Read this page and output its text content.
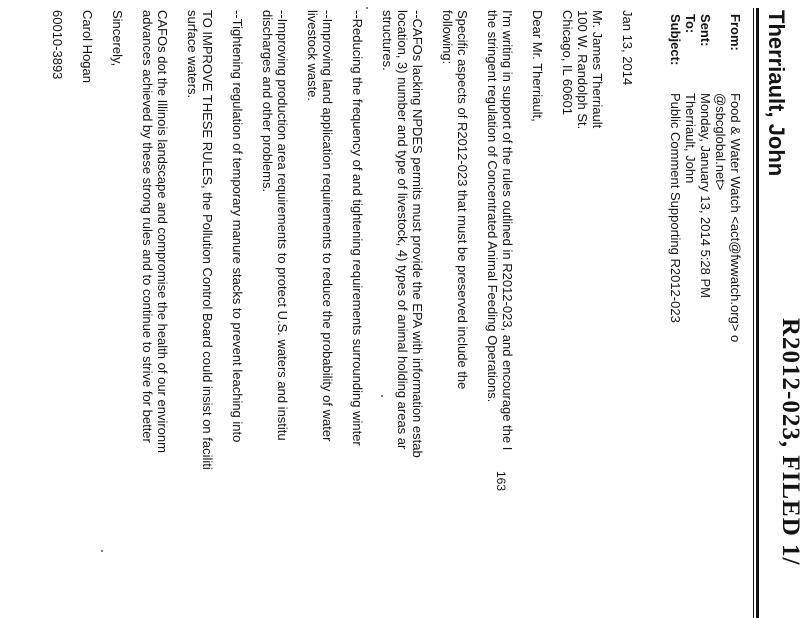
R2012-023, FILED 1/
Therriault, John
From:
Food & Water Watch <act@fwwatch.org> o
@sbcglobal.net>
Sent:
Monday, January 13, 2014 5:28 PM
To:
Therriault, John
Subject:
Public Comment Supporting R2012-023
Jan 13, 2014
Mr. James Therriault
100 W. Randolph St.
Chicago, IL 60601
Dear Mr. Therriault,
I'm writing in support of the rules outlined in R2012-023, and encourage the I
the stringent regulation of Concentrated Animal Feeding Operations.
Specific aspects of R2012-023 that must be preserved include the
following:
--CAFOs lacking NPDES permits must provide the EPA with information estab
location, 3) number and type of livestock, 4) types of animal holding areas ar
structures.
--Reducing the frequency of and tightening requirements surrounding winter
--Improving land application requirements to reduce the probability of water
livestock waste.
--Improving production area requirements to protect U.S. waters and institu
discharges and other problems.
--Tightening regulation of temporary manure stacks to prevent leaching into
TO IMPROVE THESE RULES, the Pollution Control Board could insist on faciliti
surface waters.
CAFOs dot the Illinois landscape and compromise the health of our environm
advances achieved by these strong rules and to continue to strive for better
Sincerely,
Carol Hogan
60010-3893
163
